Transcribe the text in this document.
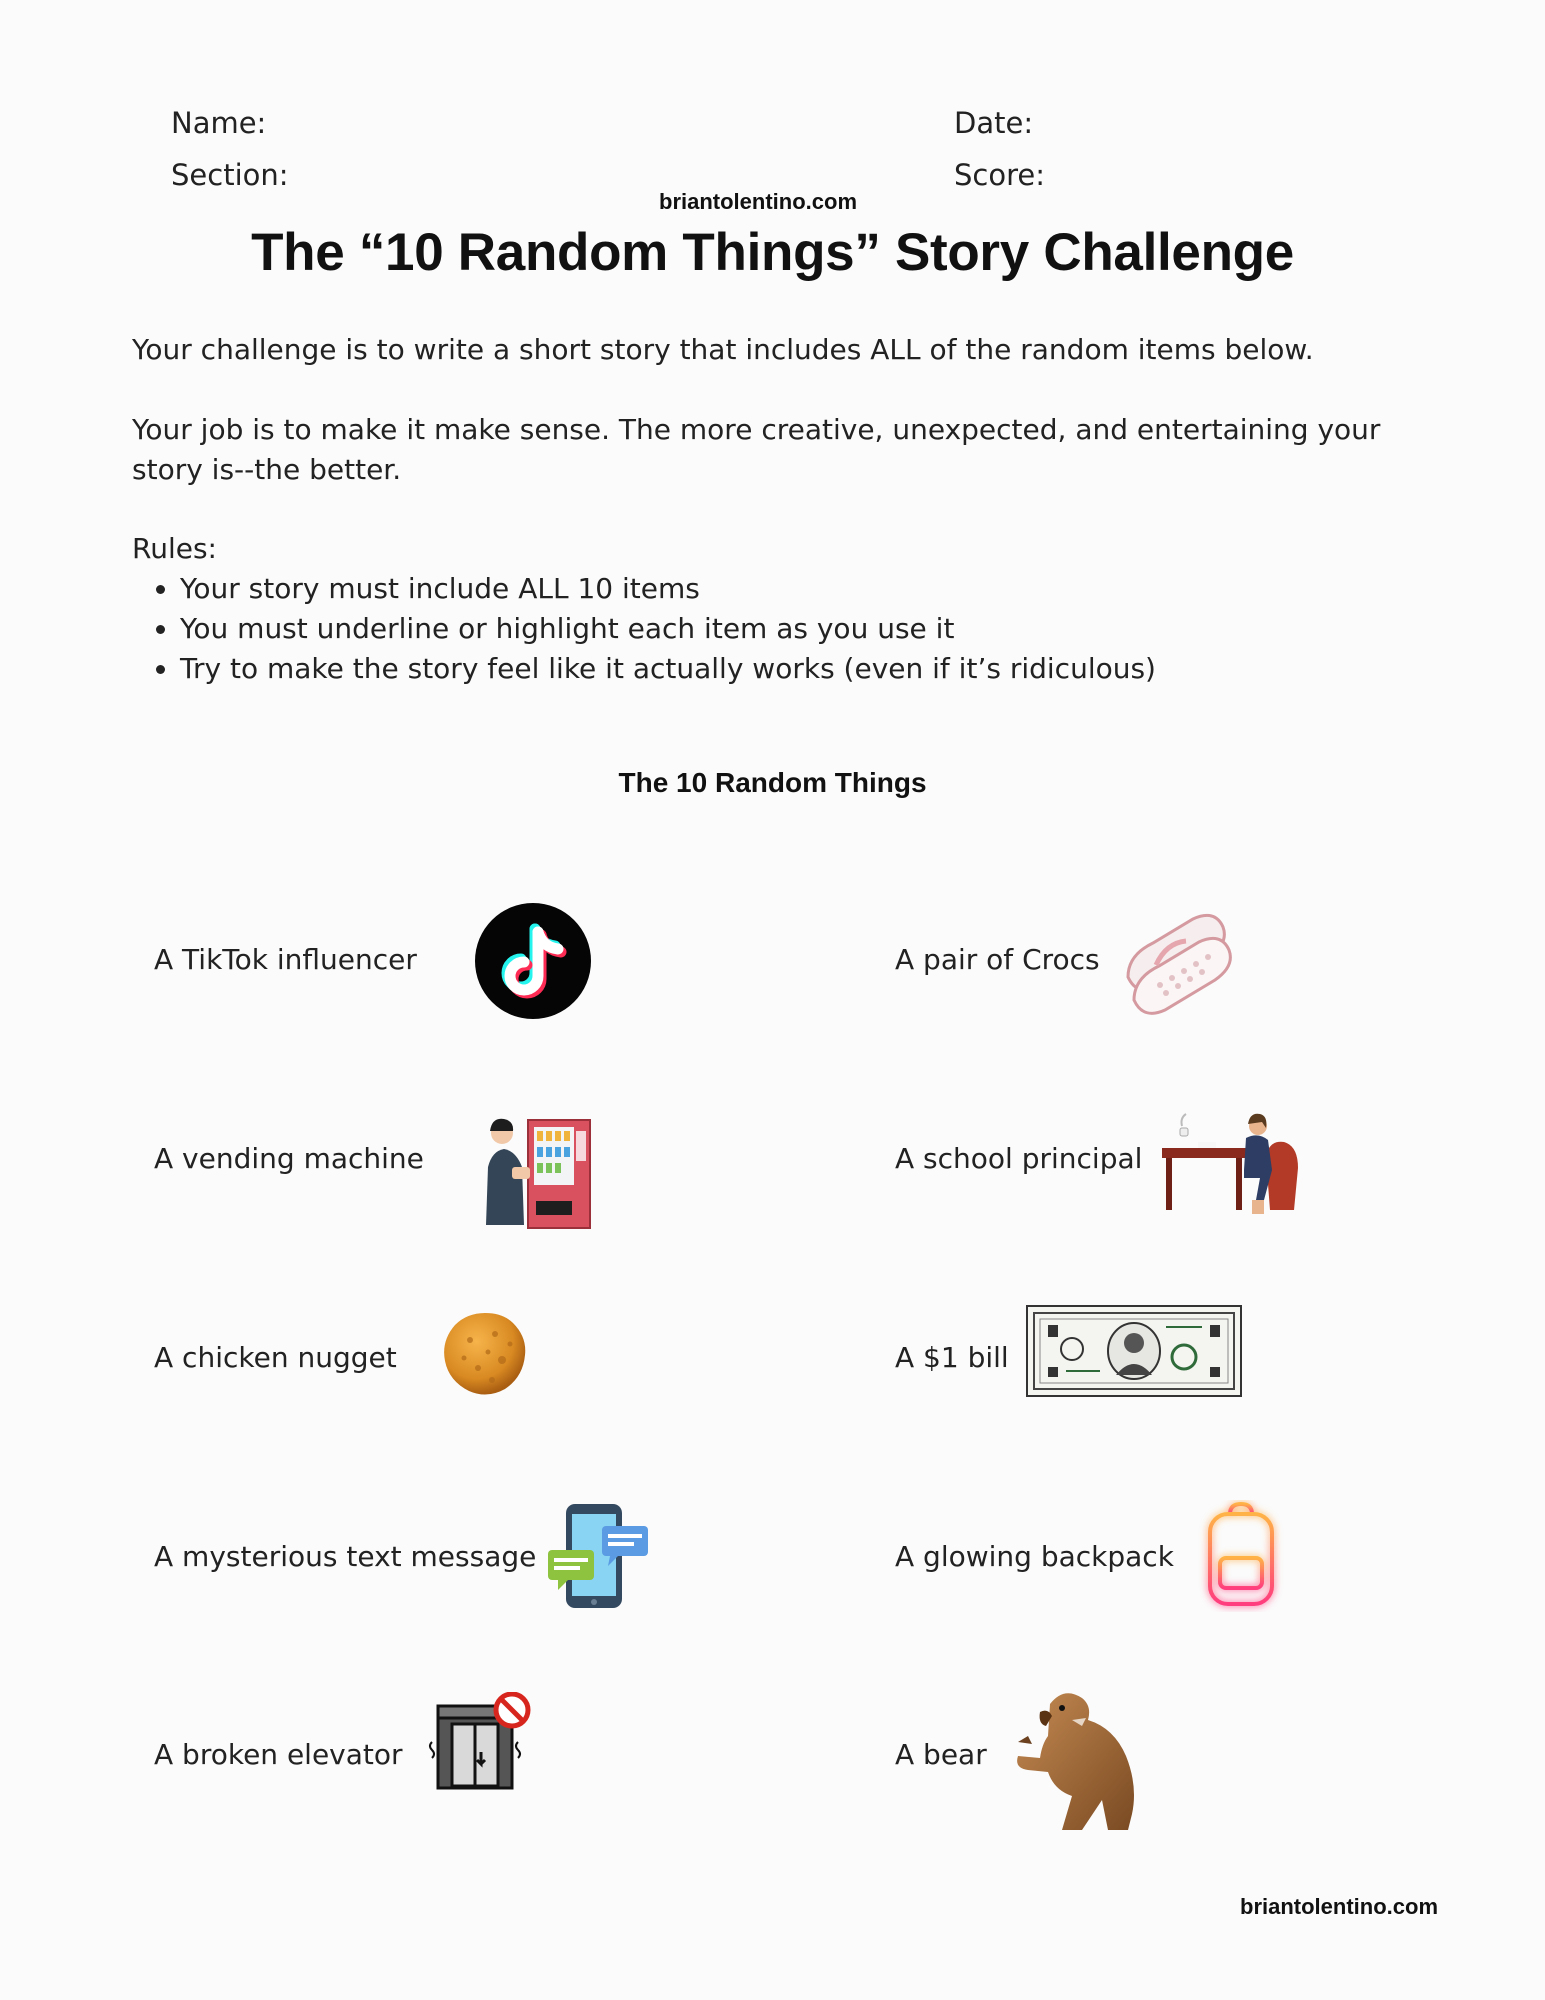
Name:	Date:
Section:	Score:
briantolentino.com
The “10 Random Things” Story Challenge
Your challenge is to write a short story that includes ALL of the random items below.
Your job is to make it make sense. The more creative, unexpected, and entertaining your story is--the better.
Rules:
• Your story must include ALL 10 items
• You must underline or highlight each item as you use it
• Try to make the story feel like it actually works (even if it’s ridiculous)
The 10 Random Things
A TikTok influencer
A vending machine
A chicken nugget
A mysterious text message
A broken elevator
A pair of Crocs
A school principal
A $1 bill
A glowing backpack
A bear
briantolentino.com
